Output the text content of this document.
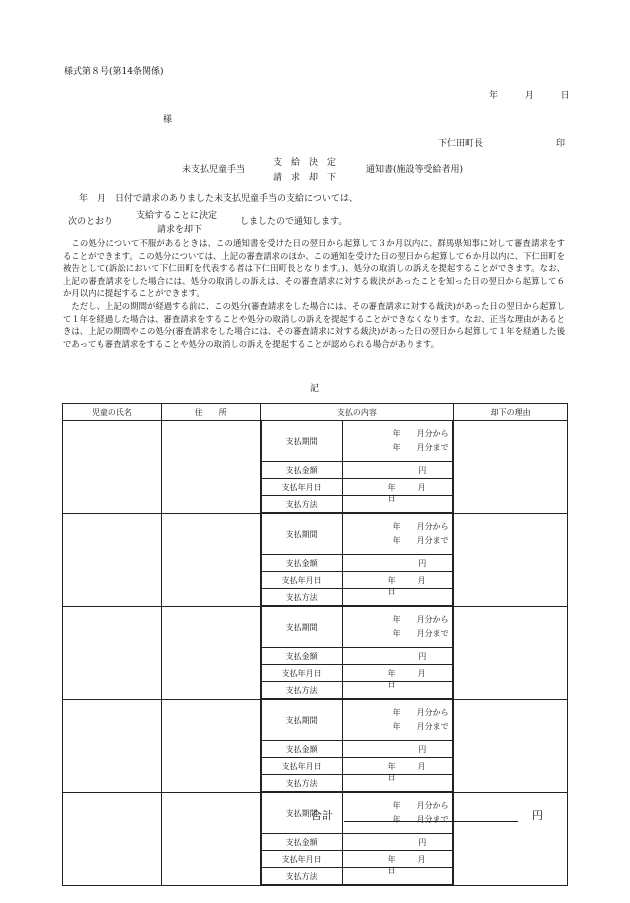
様式第８号(第14条関係)
年	月	日
様
下仁田町長	印
未支払児童手当
支　給　決　定
請　求　却　下
通知書(施設等受給者用)
年　月　日付で請求のありました未支払児童手当の支給については、
次のとおり
支給することに決定
請求を却下
しましたので通知します。

この処分について不服があるときは、この通知書を受けた日の翌日から起算して３か月以内に、群馬県知事に対して審査請求をすることができます。この処分については、上記の審査請求のほか、この通知を受けた日の翌日から起算して６か月以内に、下仁田町を被告として(訴訟において下仁田町を代表する者は下仁田町長となります。)、処分の取消しの訴えを提起することができます。なお、上記の審査請求をした場合には、処分の取消しの訴えは、その審査請求に対する裁決があったことを知った日の翌日から起算して６か月以内に提起することができます。

ただし、上記の期間が経過する前に、この処分(審査請求をした場合には、その審査請求に対する裁決)があった日の翌日から起算して１年を経過した場合は、審査請求をすることや処分の取消しの訴えを提起することができなくなります。なお、正当な理由があるときは、上記の期間やこの処分(審査請求をした場合には、その審査請求に対する裁決)があった日の翌日から起算して１年を経過した後であっても審査請求をすることや処分の取消しの訴えを提起することが認められる場合があります。

記
児童の氏名	住　　所	支払の内容	却下の理由

支払期間	
年　　月分から
年　　月分まで

支払金額	円

支払年月日	年	月日

支払方法	

支払期間	
年　　月分から
年　　月分まで

支払金額	円

支払年月日	年	月日

支払方法	

支払期間	
年　　月分から
年　　月分まで

支払金額	円

支払年月日	年	月日

支払方法	

支払期間	
年　　月分から
年　　月分まで

支払金額	円

支払年月日	年	月日

支払方法	

支払期間	
年　　月分から
年　　月分まで

支払金額	円

支払年月日	年	月日

支払方法	

合計	円
